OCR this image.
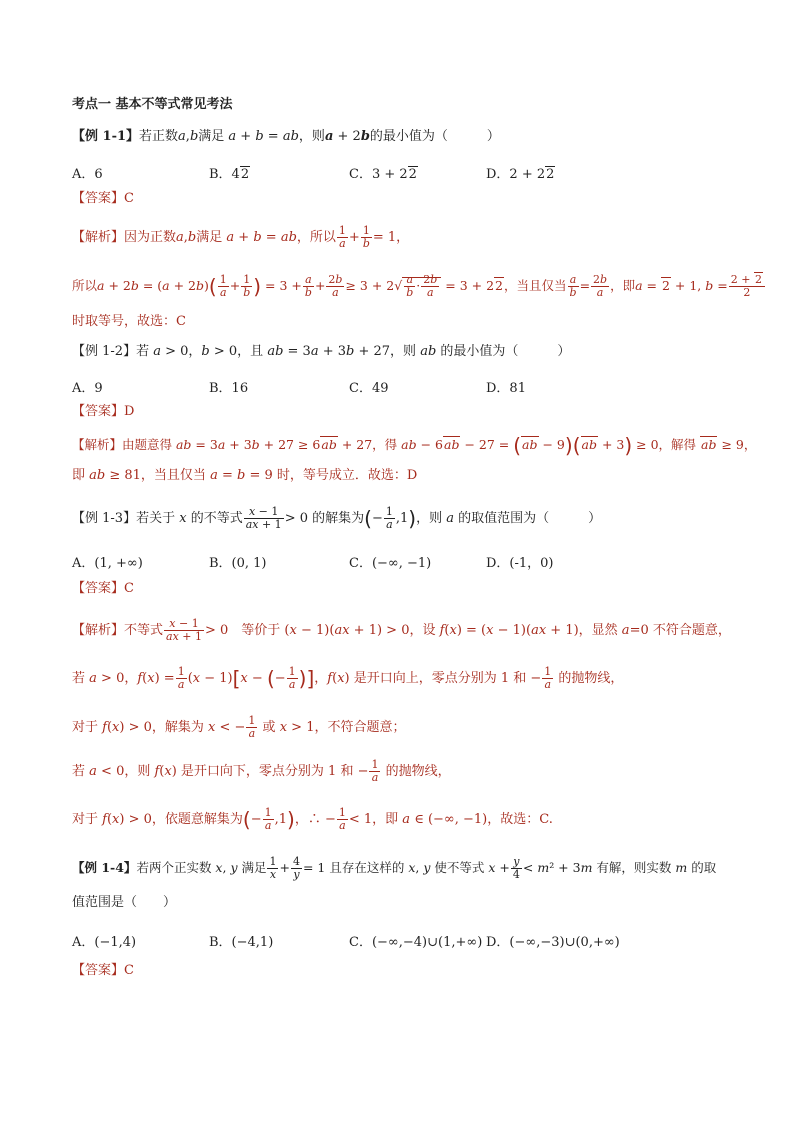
考点一 基本不等式常见考法
【例 1-1】若正数a,b满足 a + b = ab，则a + 2b的最小值为（　　　）
A．6	B．42	C．3 + 22	D．2 + 22
【答案】C
【解析】因为正数a,b满足 a + b = ab，所以 $\frac{1}{a} + \frac{1}{b} = 1$，
所以$a + 2b = (a + 2b)( \frac{1}{a} + \frac{1}{b}$ ) = $3 + \frac{a}{b} + \frac{2b}{a} \ge 3 + 2√ \frac{a}{b} \cdot \frac{2b}{a} = 3 + 22$，当且仅当 $\frac{a}{b} = \frac{2b}{a}$ ，即a = 2 + 1, $b = \frac{2 + 2}{2}$
时取等号，故选：C
【例 1-2】若 a > 0，b > 0，且 ab = 3a + 3b + 27，则 ab 的最小值为（　　　）
A．9	B．16	C．49	D．81
【答案】D
【解析】由题意得 ab = 3a + 3b + 27 ≥ 6ab + 27，得 ab − 6ab − 27 = (ab − 9)(ab + 3) ≥ 0，解得 ab ≥ 9，
即 ab ≥ 81，当且仅当 a = b = 9 时，等号成立．故选：D
【例 1-3】若关于 x 的不等式 $\frac{x - 1}{ax + 1} > 0$ 的解集为(− $\frac{1}{a} ,1$)，则 a 的取值范围为（　　　）
A．(1, +∞)	B．(0, 1)	C．(−∞, −1)	D．(-1，0)
【答案】C
【解析】不等式 $\frac{x - 1}{ax + 1} > 0$　等价于 (x − 1)(ax + 1) > 0，设 f(x) = (x − 1)(ax + 1)，显然 a=0 不符合题意，
若 a > 0，$f(x) = \frac{1}{a} (x - 1)[x$ − (− $\frac{1}{a}$ )]，f(x) 是开口向上，零点分别为 1 和 − $\frac{1}{a}$ 的抛物线，
对于 f(x) > 0，解集为 x < − $\frac{1}{a}$ 或 x > 1，不符合题意；
若 a < 0，则 f(x) 是开口向下，零点分别为 1 和 − $\frac{1}{a}$ 的抛物线，
对于 f(x) > 0，依题意解集为(− $\frac{1}{a} ,1$)，∴ − $\frac{1}{a} < 1$，即 a ∈ (−∞, −1)，故选：C.
【例 1-4】若两个正实数 x, y 满足 $\frac{1}{x} + \frac{4}{y} = 1$ 且存在这样的 x, y 使不等式 $x + \frac{y}{4} < m^2 + 3m$ 有解，则实数 m 的取
值范围是（　　）
A．(−1,4)	B．(−4,1)	C．(−∞,−4)∪(1,+∞) D．(−∞,−3)∪(0,+∞)
【答案】C
